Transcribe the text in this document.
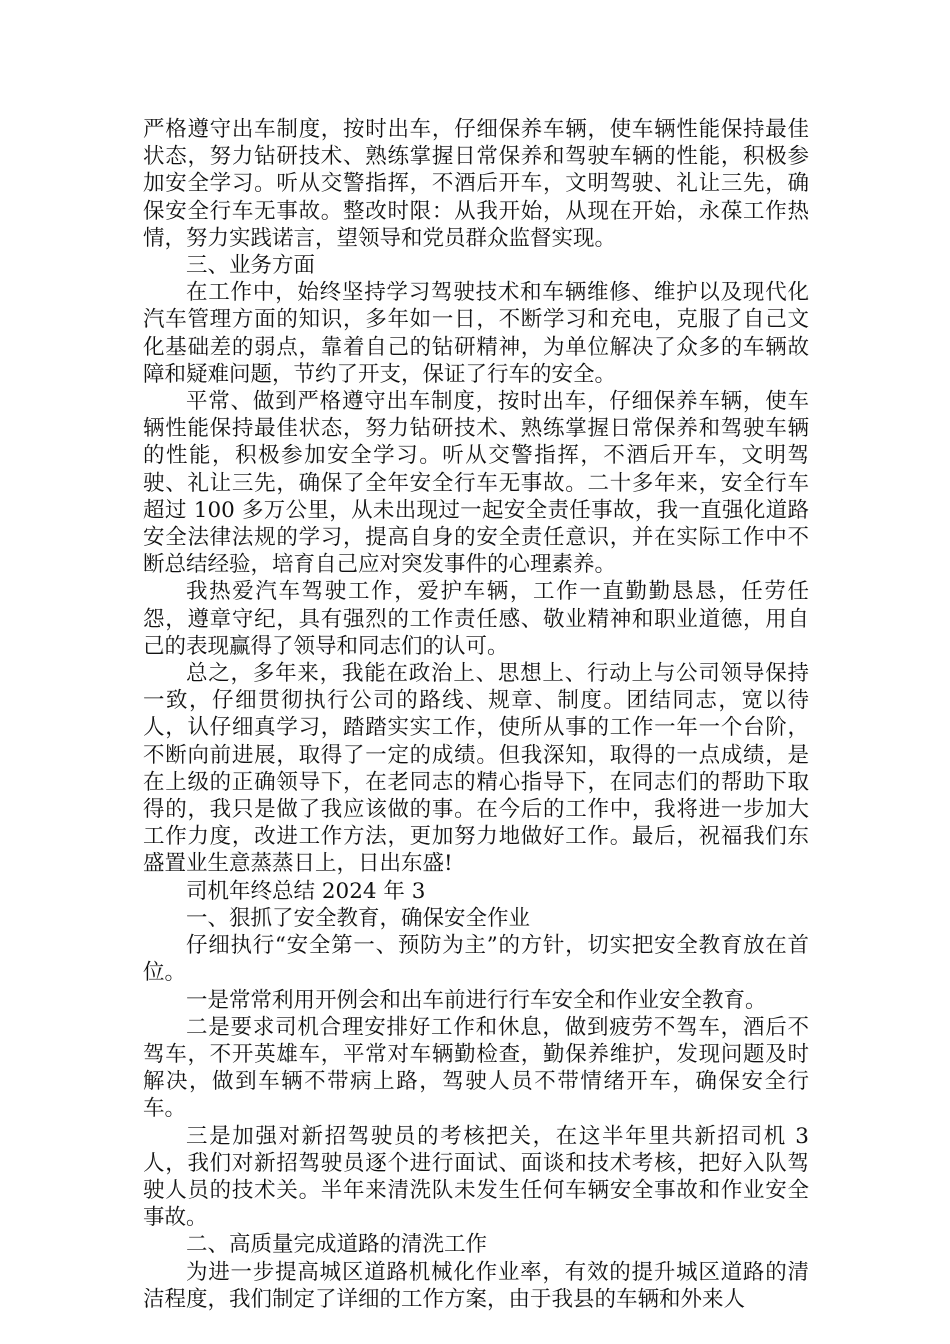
严格遵守出车制度，按时出车，仔细保养车辆，使车辆性能保持最佳状态，努力钻研技术、熟练掌握日常保养和驾驶车辆的性能，积极参加安全学习。听从交警指挥，不酒后开车，文明驾驶、礼让三先，确保安全行车无事故。整改时限：从我开始，从现在开始，永葆工作热情，努力实践诺言，望领导和党员群众监督实现。

三、业务方面

在工作中，始终坚持学习驾驶技术和车辆维修、维护以及现代化汽车管理方面的知识，多年如一日，不断学习和充电，克服了自己文化基础差的弱点，靠着自己的钻研精神，为单位解决了众多的车辆故障和疑难问题，节约了开支，保证了行车的安全。

平常、做到严格遵守出车制度，按时出车，仔细保养车辆，使车辆性能保持最佳状态，努力钻研技术、熟练掌握日常保养和驾驶车辆的性能，积极参加安全学习。听从交警指挥，不酒后开车，文明驾驶、礼让三先，确保了全年安全行车无事故。二十多年来，安全行车超过 100 多万公里，从未出现过一起安全责任事故，我一直强化道路安全法律法规的学习，提高自身的安全责任意识，并在实际工作中不断总结经验，培育自己应对突发事件的心理素养。

我热爱汽车驾驶工作，爱护车辆，工作一直勤勤恳恳，任劳任怨，遵章守纪，具有强烈的工作责任感、敬业精神和职业道德，用自己的表现赢得了领导和同志们的认可。

总之，多年来，我能在政治上、思想上、行动上与公司领导保持一致，仔细贯彻执行公司的路线、规章、制度。团结同志，宽以待人，认仔细真学习，踏踏实实工作，使所从事的工作一年一个台阶，不断向前进展，取得了一定的成绩。但我深知，取得的一点成绩，是在上级的正确领导下，在老同志的精心指导下，在同志们的帮助下取得的，我只是做了我应该做的事。在今后的工作中，我将进一步加大工作力度，改进工作方法，更加努力地做好工作。最后，祝福我们东盛置业生意蒸蒸日上，日出东盛!

司机年终总结 2024 年 3

一、狠抓了安全教育，确保安全作业

仔细执行“安全第一、预防为主”的方针，切实把安全教育放在首位。

一是常常利用开例会和出车前进行行车安全和作业安全教育。

二是要求司机合理安排好工作和休息，做到疲劳不驾车，酒后不驾车，不开英雄车，平常对车辆勤检查，勤保养维护，发现问题及时解决，做到车辆不带病上路，驾驶人员不带情绪开车，确保安全行车。

三是加强对新招驾驶员的考核把关，在这半年里共新招司机 3 人，我们对新招驾驶员逐个进行面试、面谈和技术考核，把好入队驾驶人员的技术关。半年来清洗队未发生任何车辆安全事故和作业安全事故。

二、高质量完成道路的清洗工作

为进一步提高城区道路机械化作业率，有效的提升城区道路的清洁程度，我们制定了详细的工作方案，由于我县的车辆和外来人
